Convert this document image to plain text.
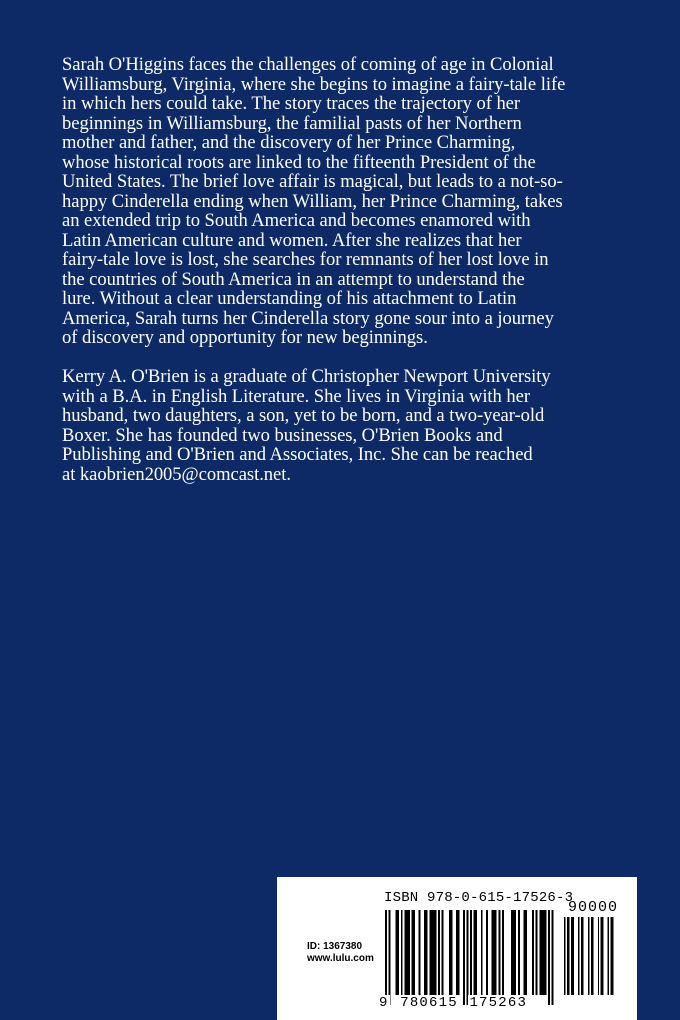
Sarah O'Higgins faces the challenges of coming of age in Colonial
Williamsburg, Virginia, where she begins to imagine a fairy-tale life
in which hers could take. The story traces the trajectory of her
beginnings in Williamsburg, the familial pasts of her Northern
mother and father, and the discovery of her Prince Charming,
whose historical roots are linked to the fifteenth President of the
United States. The brief love affair is magical, but leads to a not-so-
happy Cinderella ending when William, her Prince Charming, takes
an extended trip to South America and becomes enamored with
Latin American culture and women. After she realizes that her
fairy-tale love is lost, she searches for remnants of her lost love in
the countries of South America in an attempt to understand the
lure. Without a clear understanding of his attachment to Latin
America, Sarah turns her Cinderella story gone sour into a journey
of discovery and opportunity for new beginnings.

Kerry A. O'Brien is a graduate of Christopher Newport University
with a B.A. in English Literature. She lives in Virginia with her
husband, two daughters, a son, yet to be born, and a two-year-old
Boxer. She has founded two businesses, O'Brien Books and
Publishing and O'Brien and Associates, Inc. She can be reached
at kaobrien2005@comcast.net.

ID: 1367380
www.lulu.com
ISBN 978-0-615-17526-3
90000
9 780615 175263
